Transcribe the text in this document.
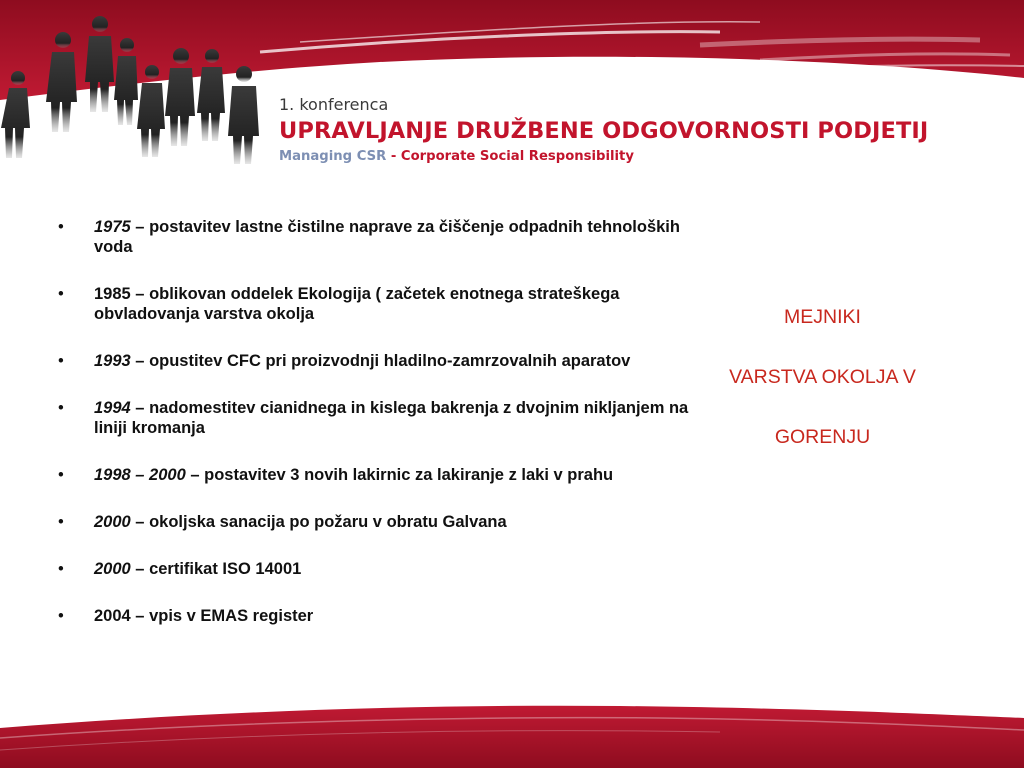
1. konferenca
UPRAVLJANJE DRUŽBENE ODGOVORNOSTI PODJETIJ
Managing CSR - Corporate Social Responsibility
• 1975 – postavitev lastne čistilne naprave za čiščenje odpadnih tehnoloških voda
• 1985 – oblikovan oddelek Ekologija ( začetek enotnega strateškega obvladovanja varstva okolja
• 1993 – opustitev CFC pri proizvodnji hladilno-zamrzovalnih aparatov
• 1994 – nadomestitev cianidnega in kislega bakrenja z dvojnim nikljanjem na liniji kromanja
• 1998 – 2000 – postavitev 3 novih lakirnic za lakiranje z laki v prahu
• 2000 – okoljska sanacija po požaru v obratu Galvana
• 2000 – certifikat ISO 14001
• 2004 – vpis v EMAS register
MEJNIKI
VARSTVA OKOLJA V
GORENJU
